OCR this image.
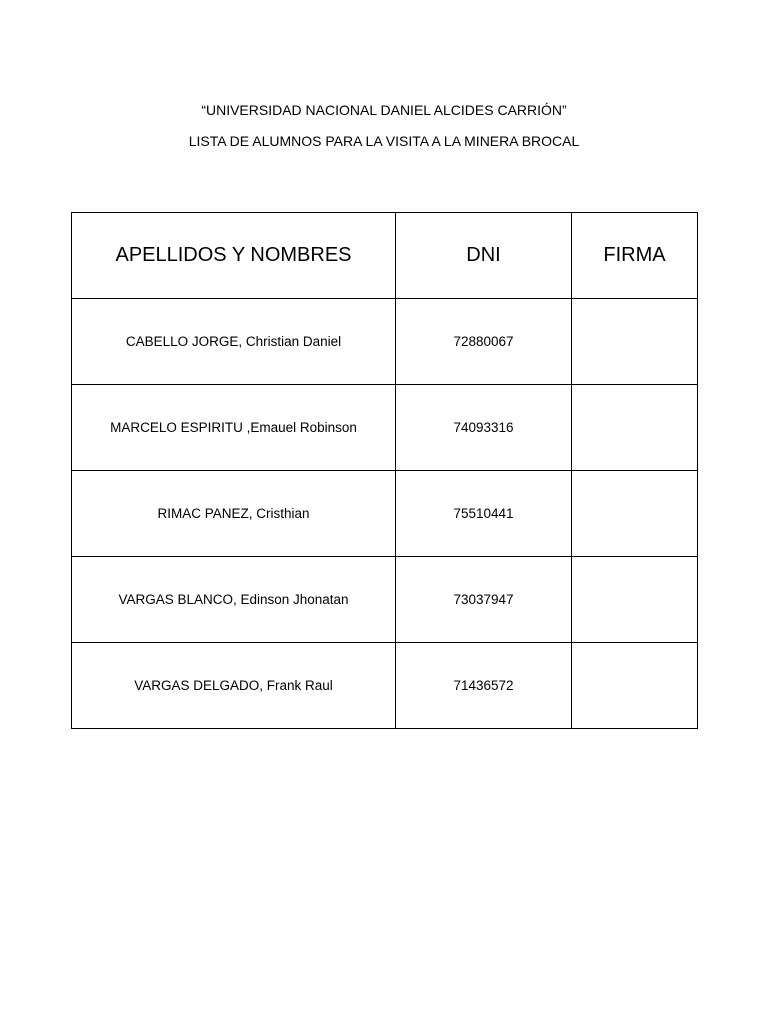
“UNIVERSIDAD NACIONAL DANIEL ALCIDES CARRIÓN”
LISTA DE ALUMNOS PARA LA VISITA A LA MINERA BROCAL
APELLIDOS Y NOMBRES	DNI	FIRMA
CABELLO JORGE, Christian Daniel	72880067	
MARCELO ESPIRITU ,Emauel Robinson	74093316	
RIMAC PANEZ, Cristhian	75510441	
VARGAS BLANCO, Edinson Jhonatan	73037947	
VARGAS DELGADO, Frank Raul	71436572	
